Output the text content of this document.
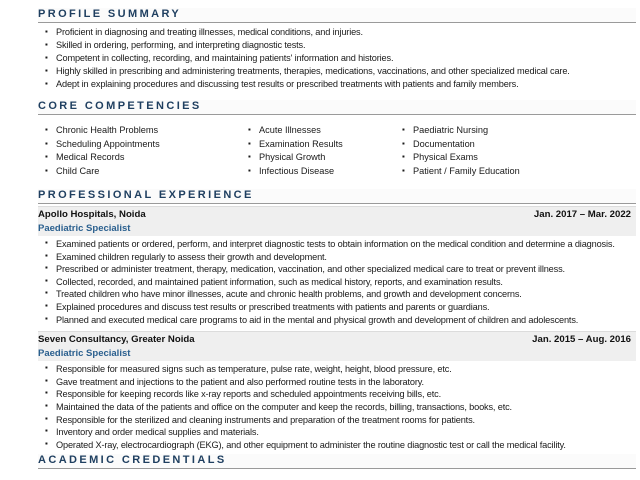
PROFILE SUMMARY
▪ Proficient in diagnosing and treating illnesses, medical conditions, and injuries.
▪ Skilled in ordering, performing, and interpreting diagnostic tests.
▪ Competent in collecting, recording, and maintaining patients' information and histories.
▪ Highly skilled in prescribing and administering treatments, therapies, medications, vaccinations, and other specialized medical care.
▪ Adept in explaining procedures and discussing test results or prescribed treatments with patients and family members.
CORE COMPETENCIES
▪ Chronic Health Problems
▪ Scheduling Appointments
▪ Medical Records
▪ Child Care
▪ Acute Illnesses
▪ Examination Results
▪ Physical Growth
▪ Infectious Disease
▪ Paediatric Nursing
▪ Documentation
▪ Physical Exams
▪ Patient / Family Education
PROFESSIONAL EXPERIENCE
Apollo Hospitals, Noida	Jan. 2017 – Mar. 2022
Paediatric Specialist
▪ Examined patients or ordered, perform, and interpret diagnostic tests to obtain information on the medical condition and determine a diagnosis.
▪ Examined children regularly to assess their growth and development.
▪ Prescribed or administer treatment, therapy, medication, vaccination, and other specialized medical care to treat or prevent illness.
▪ Collected, recorded, and maintained patient information, such as medical history, reports, and examination results.
▪ Treated children who have minor illnesses, acute and chronic health problems, and growth and development concerns.
▪ Explained procedures and discuss test results or prescribed treatments with patients and parents or guardians.
▪ Planned and executed medical care programs to aid in the mental and physical growth and development of children and adolescents.
Seven Consultancy, Greater Noida	Jan. 2015 – Aug. 2016
Paediatric Specialist
▪ Responsible for measured signs such as temperature, pulse rate, weight, height, blood pressure, etc.
▪ Gave treatment and injections to the patient and also performed routine tests in the laboratory.
▪ Responsible for keeping records like x-ray reports and scheduled appointments receiving bills, etc.
▪ Maintained the data of the patients and office on the computer and keep the records, billing, transactions, books, etc.
▪ Responsible for the sterilized and cleaning instruments and preparation of the treatment rooms for patients.
▪ Inventory and order medical supplies and materials.
▪ Operated X-ray, electrocardiograph (EKG), and other equipment to administer the routine diagnostic test or call the medical facility.
ACADEMIC CREDENTIALS
